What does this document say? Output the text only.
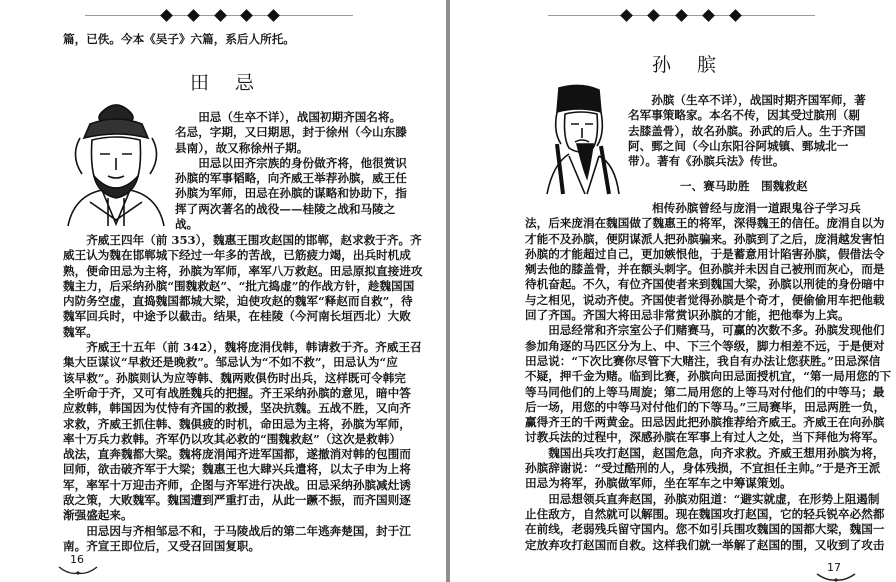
篇，已佚。今本《吴子》六篇，系后人所托。
田忌
田忌（生卒不详），战国初期齐国名将。
名忌，字期，又曰期思，封于徐州（今山东滕
县南），故又称徐州子期。
田忌以田齐宗族的身份做齐将，他很赏识
孙膑的军事韬略，向齐威王举荐孙膑，威王任
孙膑为军师，田忌在孙膑的谋略和协助下，指
挥了两次著名的战役——桂陵之战和马陵之
战。
齐威王四年（前 353），魏惠王围攻赵国的邯郸，赵求救于齐。齐
威王认为魏在邯郸城下经过一年多的苦战，已筋疲力竭，出兵时机成
熟，便命田忌为主将，孙膑为军师，率军八万救赵。田忌原拟直接进攻
魏主力，后采纳孙膑“围魏救赵”、“批亢捣虚”的作战方针，趁魏国国
内防务空虚，直捣魏国都城大梁，迫使攻赵的魏军“释赵而自救”，待
魏军回兵时，中途予以截击。结果，在桂陵（今河南长垣西北）大败
魏军。
齐威王十五年（前 342），魏将庞涓伐韩，韩请救于齐。齐威王召
集大臣谋议“早救还是晚救”。邹忌认为“不如不救”，田忌认为“应
该早救”。孙膑则认为应等韩、魏两败俱伤时出兵，这样既可令韩完
全听命于齐，又可有战胜魏兵的把握。齐王采纳孙膑的意见，暗中答
应救韩，韩国因为仗恃有齐国的救援，坚决抗魏。五战不胜，又向齐
求救，齐威王抓住韩、魏俱疲的时机，命田忌为主将，孙膑为军师，
率十万兵力救韩。齐军仍以攻其必救的“围魏救赵”（这次是救韩）
战法，直奔魏都大梁。魏将庞涓闻齐进军国都，遂撤消对韩的包围而
回师，欲击破齐军于大梁；魏惠王也大肆兴兵遣将，以太子申为上将
军，率军十万迎击齐师，企图与齐军进行决战。田忌采纳孙膑减灶诱
敌之策，大败魏军。魏国遭到严重打击，从此一蹶不振，而齐国则逐
渐强盛起来。
田忌因与齐相邹忌不和，于马陵战后的第二年逃奔楚国，封于江
南。齐宣王即位后，又受召回国复职。
16
孙膑
孙膑（生卒不详），战国时期齐国军师，著
名军事策略家。本名不传，因其受过膑刑（剔
去膝盖骨），故名孙膑。孙武的后人。生于齐国
阿、鄄之间（今山东阳谷阿城镇、鄄城北一
带）。著有《孙膑兵法》传世。
一、赛马助胜　围魏救赵
相传孙膑曾经与庞涓一道跟鬼谷子学习兵
法，后来庞涓在魏国做了魏惠王的将军，深得魏王的信任。庞涓自以为
才能不及孙膑，便阴谋派人把孙膑骗来。孙膑到了之后，庞涓越发害怕
孙膑的才能超过自己，更加嫉恨他，于是蓄意用计陷害孙膑，假借法令
剜去他的膝盖骨，并在额头刺字。但孙膑并未因自己被刑而灰心，而是
待机奋起。不久，有位齐国使者来到魏国大梁，孙膑以刑徒的身份暗中
与之相见，说动齐使。齐国使者觉得孙膑是个奇才，便偷偷用车把他载
回了齐国。齐国大将田忌非常赏识孙膑的才能，把他奉为上宾。
田忌经常和齐宗室公子们赌赛马，可赢的次数不多。孙膑发现他们
参加角逐的马匹区分为上、中、下三个等级，脚力相差不远，于是便对
田忌说：“下次比赛你尽管下大赌注，我自有办法让您获胜。”田忌深信
不疑，押千金为赌。临到比赛，孙膑向田忌面授机宜，“第一局用您的下
等马同他们的上等马周旋；第二局用您的上等马对付他们的中等马；最
后一场，用您的中等马对付他们的下等马。”三局赛毕，田忌两胜一负，
赢得齐王的千两黄金。田忌因此把孙膑推荐给齐威王。齐威王在向孙膑
讨教兵法的过程中，深感孙膑在军事上有过人之处，当下拜他为将军。
魏国出兵攻打赵国，赵国危急，向齐求救。齐威王想用孙膑为将，
孙膑辞谢说：“受过酷刑的人，身体残损，不宜担任主帅。”于是齐王派
田忌为将军，孙膑做军师，坐在军车之中筹谋策划。
田忌想领兵直奔赵国，孙膑劝阻道：“避实就虚，在形势上阻遏制
止住敌方，自然就可以解围。现在魏国攻打赵国，它的轻兵锐卒必然都
在前线，老弱残兵留守国内。您不如引兵围攻魏国的国都大梁，魏国一
定放弃攻打赵国而自救。这样我们就一举解了赵国的围，又收到了攻击
17
